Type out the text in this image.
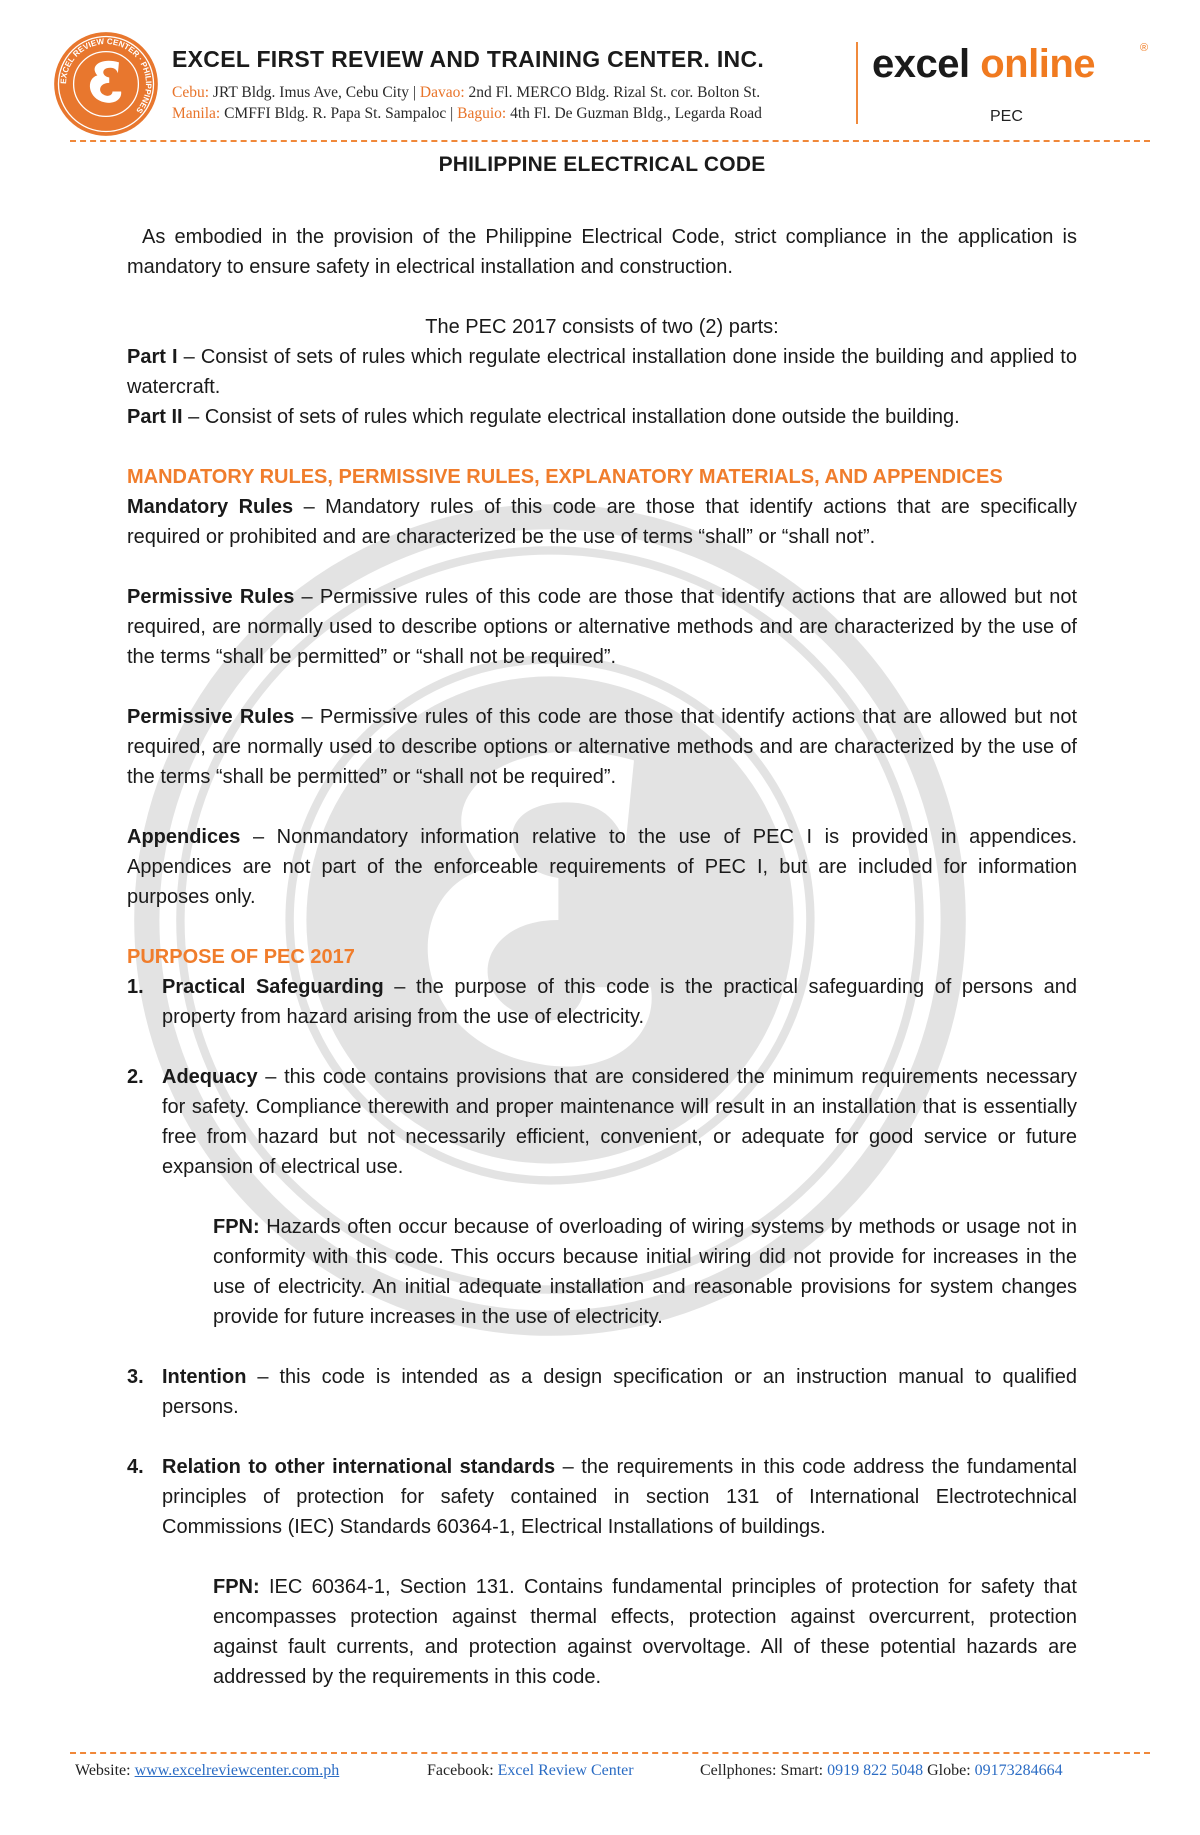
EXCEL REVIEW CENTER · PHILIPPINES
EXCEL FIRST REVIEW AND TRAINING CENTER. INC.
Cebu: JRT Bldg. Imus Ave, Cebu City | Davao: 2nd Fl. MERCO Bldg. Rizal St. cor. Bolton St.
Manila: CMFFI Bldg. R. Papa St. Sampaloc | Baguio: 4th Fl. De Guzman Bldg., Legarda Road
excel online	®
PEC
PHILIPPINE ELECTRICAL CODE

As embodied in the provision of the Philippine Electrical Code, strict compliance in the application is mandatory to ensure safety in electrical installation and construction.

The PEC 2017 consists of two (2) parts:

Part I – Consist of sets of rules which regulate electrical installation done inside the building and applied to watercraft.

Part II – Consist of sets of rules which regulate electrical installation done outside the building.

MANDATORY RULES, PERMISSIVE RULES, EXPLANATORY MATERIALS, AND APPENDICES

Mandatory Rules – Mandatory rules of this code are those that identify actions that are specifically required or prohibited and are characterized be the use of terms “shall” or “shall not”.

Permissive Rules – Permissive rules of this code are those that identify actions that are allowed but not required, are normally used to describe options or alternative methods and are characterized by the use of the terms “shall be permitted” or “shall not be required”.

Permissive Rules – Permissive rules of this code are those that identify actions that are allowed but not required, are normally used to describe options or alternative methods and are characterized by the use of the terms “shall be permitted” or “shall not be required”.

Appendices – Nonmandatory information relative to the use of PEC I is provided in appendices. Appendices are not part of the enforceable requirements of PEC I, but are included for information purposes only.

PURPOSE OF PEC 2017
1. Practical Safeguarding – the purpose of this code is the practical safeguarding of persons and property from hazard arising from the use of electricity.
2. Adequacy – this code contains provisions that are considered the minimum requirements necessary for safety. Compliance therewith and proper maintenance will result in an installation that is essentially free from hazard but not necessarily efficient, convenient, or adequate for good service or future expansion of electrical use.

FPN: Hazards often occur because of overloading of wiring systems by methods or usage not in conformity with this code. This occurs because initial wiring did not provide for increases in the use of electricity. An initial adequate installation and reasonable provisions for system changes provide for future increases in the use of electricity.

3. Intention – this code is intended as a design specification or an instruction manual to qualified persons.
4. Relation to other international standards – the requirements in this code address the fundamental principles of protection for safety contained in section 131 of International Electrotechnical Commissions (IEC) Standards 60364-1, Electrical Installations of buildings.

FPN: IEC 60364-1, Section 131. Contains fundamental principles of protection for safety that encompasses protection against thermal effects, protection against overcurrent, protection against fault currents, and protection against overvoltage. All of these potential hazards are addressed by the requirements in this code.

Website: www.excelreviewcenter.com.ph	Facebook: Excel Review Center	Cellphones: Smart: 0919 822 5048 Globe: 09173284664
